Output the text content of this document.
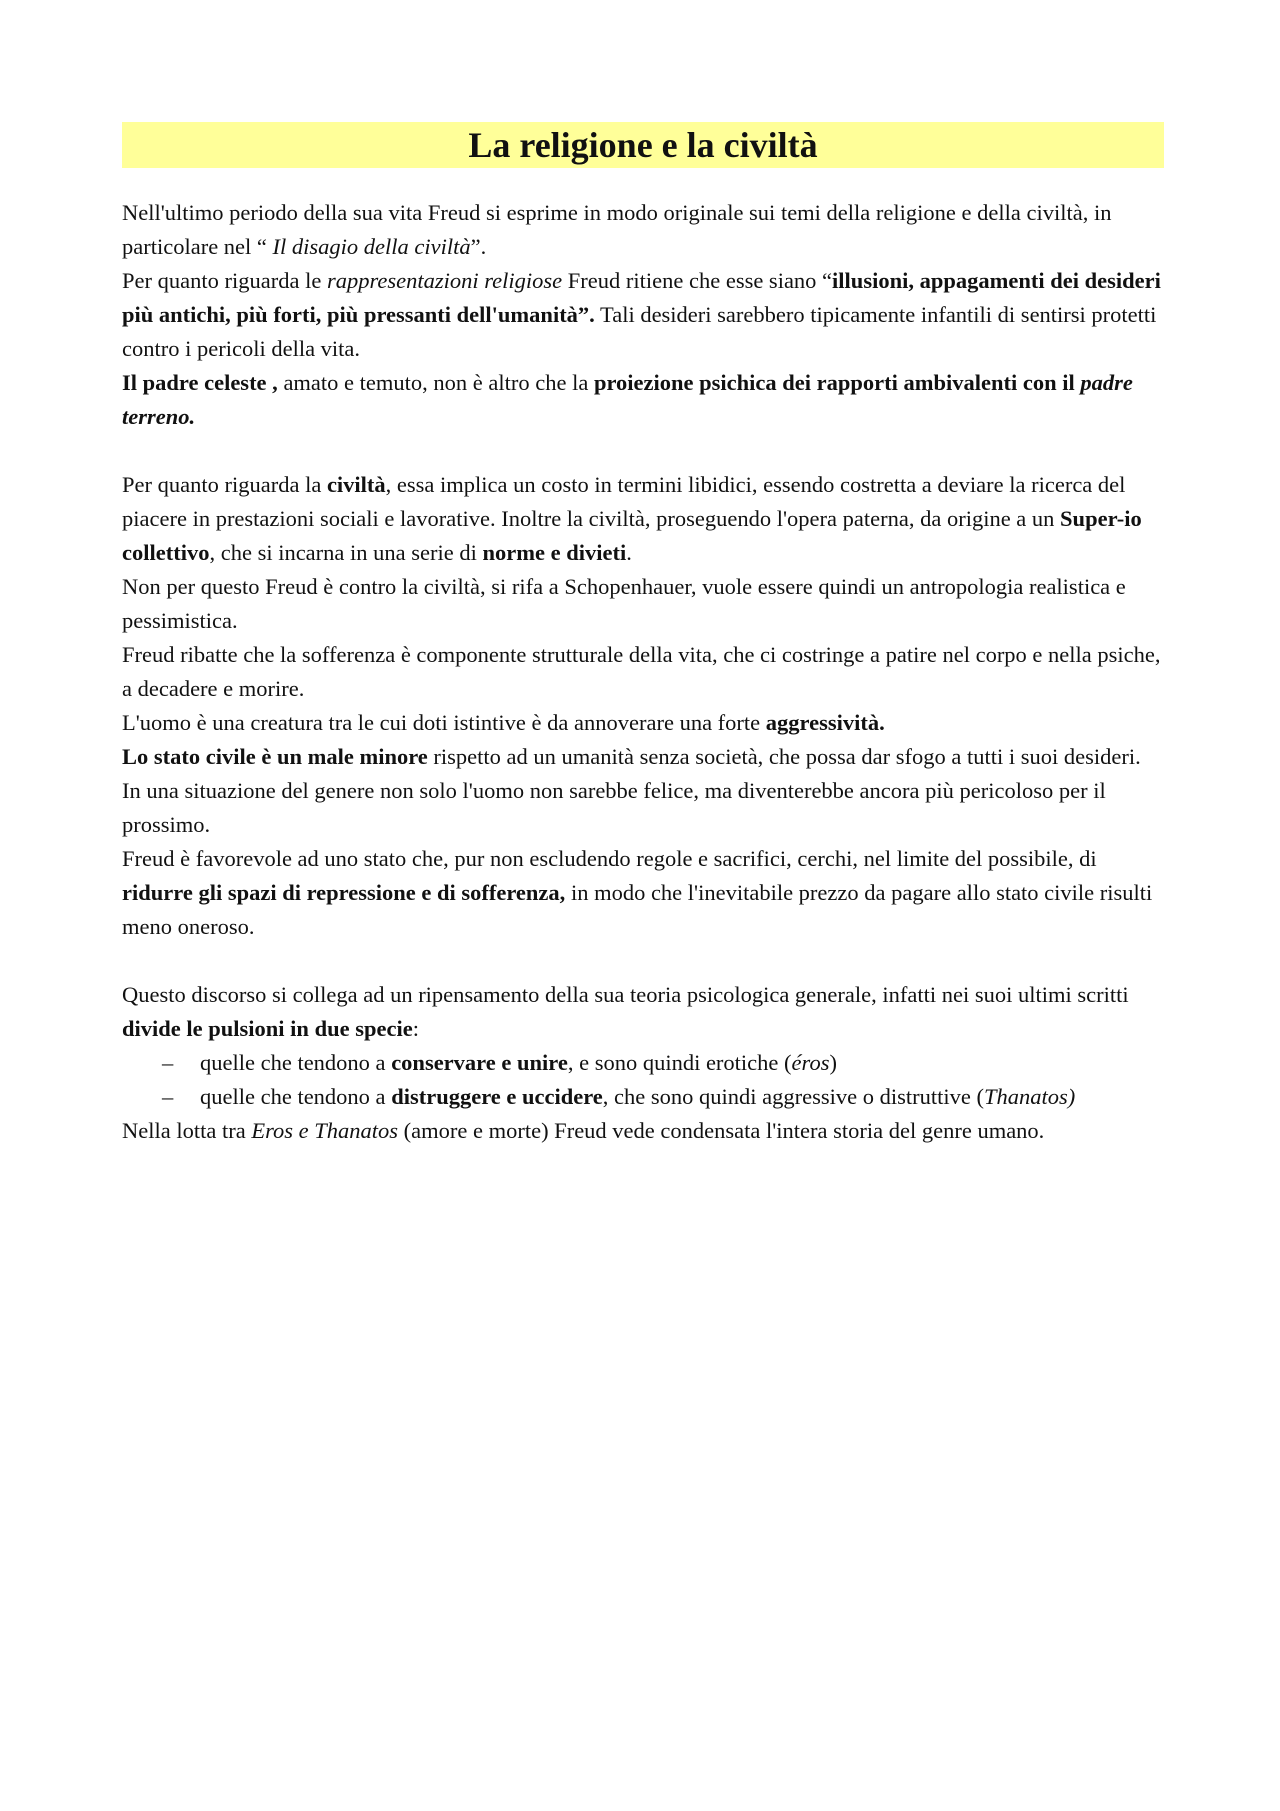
La religione e la civiltà

Nell'ultimo periodo della sua vita Freud si esprime in modo originale sui temi della religione e della civiltà, in particolare nel “ Il disagio della civiltà”.

Per quanto riguarda le rappresentazioni religiose Freud ritiene che esse siano “illusioni, appagamenti dei desideri più antichi, più forti, più pressanti dell'umanità”. Tali desideri sarebbero tipicamente infantili di sentirsi protetti contro i pericoli della vita.

Il padre celeste , amato e temuto, non è altro che la proiezione psichica dei rapporti ambivalenti con il padre terreno.

Per quanto riguarda la civiltà, essa implica un costo in termini libidici, essendo costretta a deviare la ricerca del piacere in prestazioni sociali e lavorative. Inoltre la civiltà, proseguendo l'opera paterna, da origine a un Super-io collettivo, che si incarna in una serie di norme e divieti.

Non per questo Freud è contro la civiltà, si rifa a Schopenhauer, vuole essere quindi un antropologia realistica e pessimistica.

Freud ribatte che la sofferenza è componente strutturale della vita, che ci costringe a patire nel corpo e nella psiche, a decadere e morire.

L'uomo è una creatura tra le cui doti istintive è da annoverare una forte aggressività.

Lo stato civile è un male minore rispetto ad un umanità senza società, che possa dar sfogo a tutti i suoi desideri. In una situazione del genere non solo l'uomo non sarebbe felice, ma diventerebbe ancora più pericoloso per il prossimo.

Freud è favorevole ad uno stato che, pur non escludendo regole e sacrifici, cerchi, nel limite del possibile, di ridurre gli spazi di repressione e di sofferenza, in modo che l'inevitabile prezzo da pagare allo stato civile risulti meno oneroso.

Questo discorso si collega ad un ripensamento della sua teoria psicologica generale, infatti nei suoi ultimi scritti divide le pulsioni in due specie:

– quelle che tendono a conservare e unire, e sono quindi erotiche (éros)
– quelle che tendono a distruggere e uccidere, che sono quindi aggressive o distruttive (Thanatos)

Nella lotta tra Eros e Thanatos (amore e morte) Freud vede condensata l'intera storia del genre umano.
